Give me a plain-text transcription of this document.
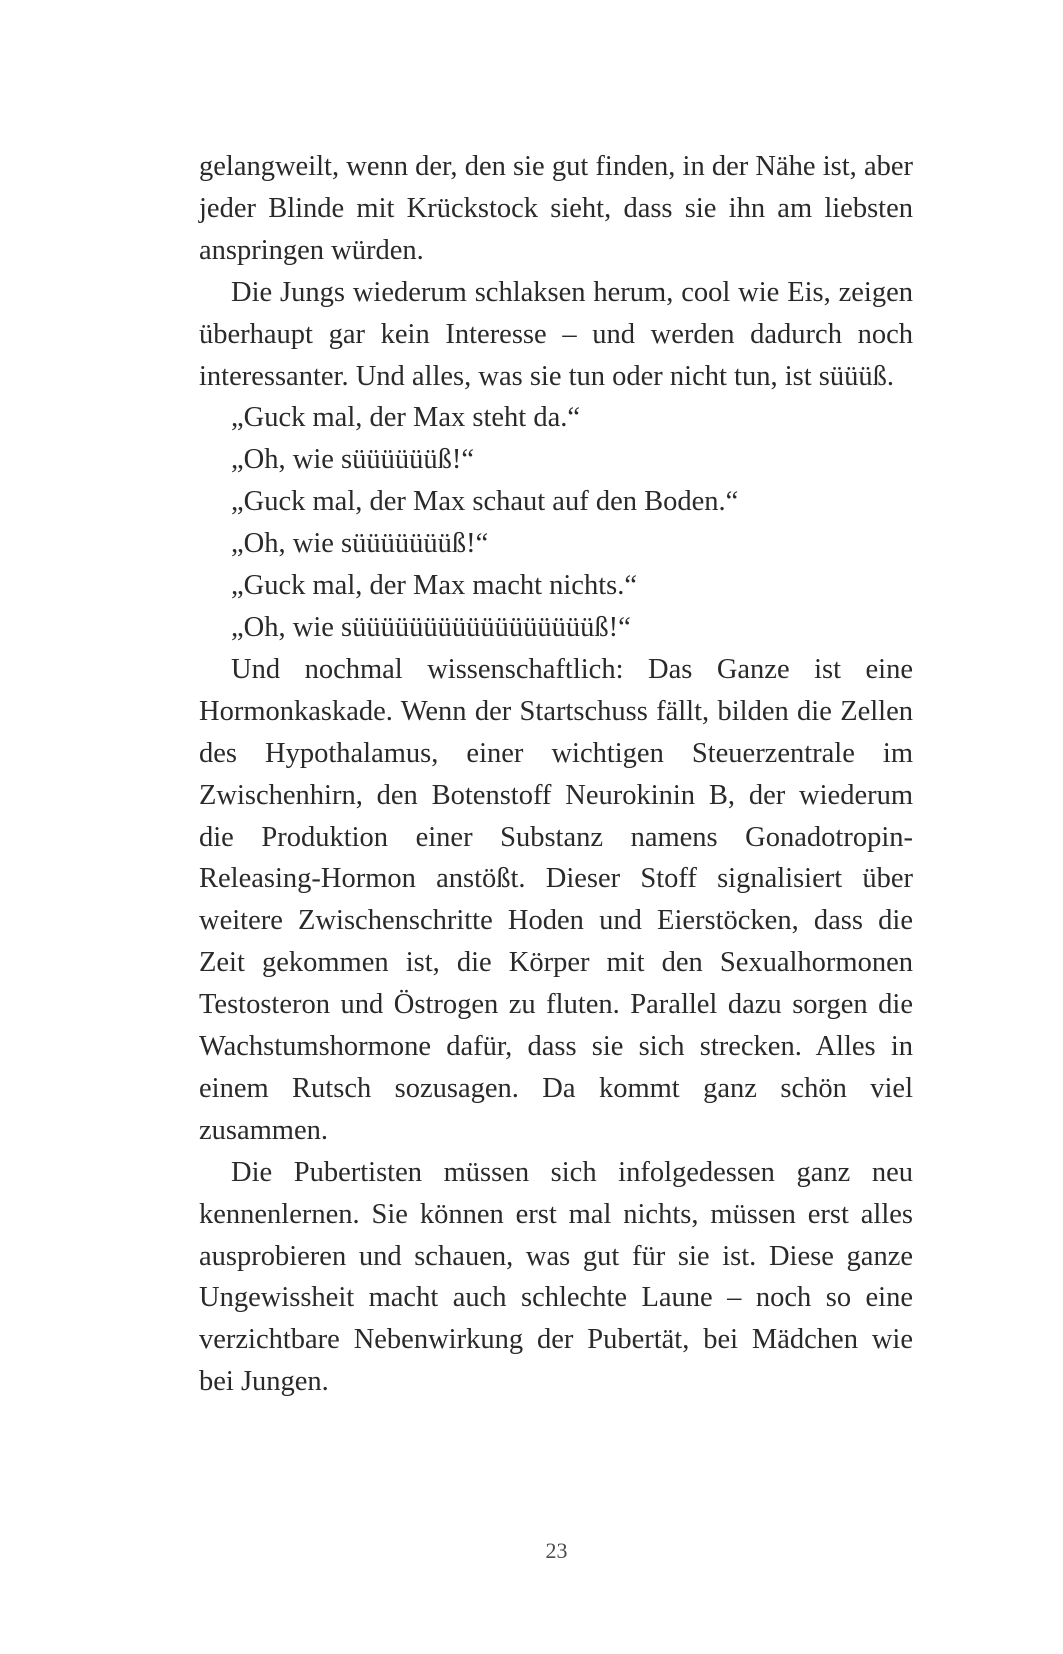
gelangweilt, wenn der, den sie gut finden, in der Nähe ist, aber jeder Blinde mit Krückstock sieht, dass sie ihn am liebsten anspringen würden.

Die Jungs wiederum schlaksen herum, cool wie Eis, zeigen überhaupt gar kein Interesse – und werden dadurch noch interessanter. Und alles, was sie tun oder nicht tun, ist süüüß.

„Guck mal, der Max steht da.“

„Oh, wie süüüüüüß!“

„Guck mal, der Max schaut auf den Boden.“

„Oh, wie süüüüüüüß!“

„Guck mal, der Max macht nichts.“

„Oh, wie süüüüüüüüüüüüüüüüüß!“

Und nochmal wissenschaftlich: Das Ganze ist eine Hormonkaskade. Wenn der Startschuss fällt, bilden die Zellen des Hypothalamus, einer wichtigen Steuerzentrale im Zwischenhirn, den Botenstoff Neurokinin B, der wiederum die Produktion einer Substanz namens Gonadotropin-Releasing-Hormon anstößt. Dieser Stoff signalisiert über weitere Zwischenschritte Hoden und Eierstöcken, dass die Zeit gekommen ist, die Körper mit den Sexualhormonen Testosteron und Östrogen zu fluten. Parallel dazu sorgen die Wachstumshormone dafür, dass sie sich strecken. Alles in einem Rutsch sozusagen. Da kommt ganz schön viel zusammen.

Die Pubertisten müssen sich infolgedessen ganz neu kennenlernen. Sie können erst mal nichts, müssen erst alles ausprobieren und schauen, was gut für sie ist. Diese ganze Ungewissheit macht auch schlechte Laune – noch so eine verzichtbare Nebenwirkung der Pubertät, bei Mädchen wie bei Jungen.

23
